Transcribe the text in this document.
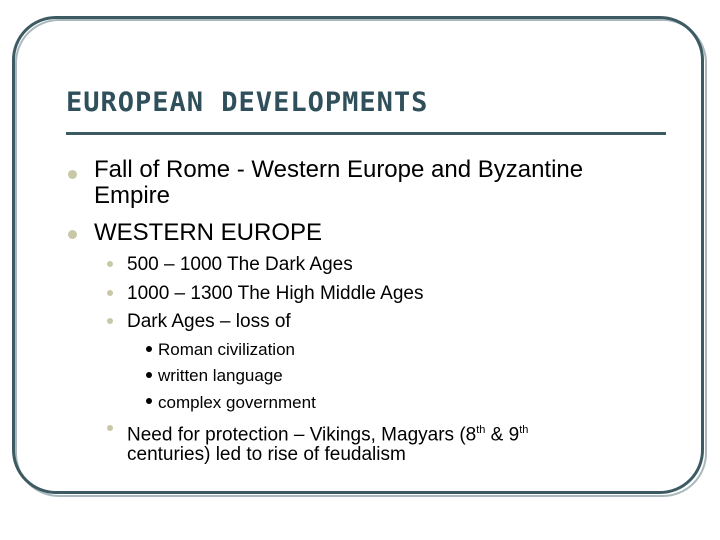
EUROPEAN DEVELOPMENTS
Fall of Rome - Western Europe and Byzantine Empire
WESTERN EUROPE
500 – 1000 The Dark Ages
1000 – 1300 The High Middle Ages
Dark Ages – loss of
Roman civilization
written language
complex government
Need for protection – Vikings, Magyars (8th & 9th
centuries) led to rise of feudalism
